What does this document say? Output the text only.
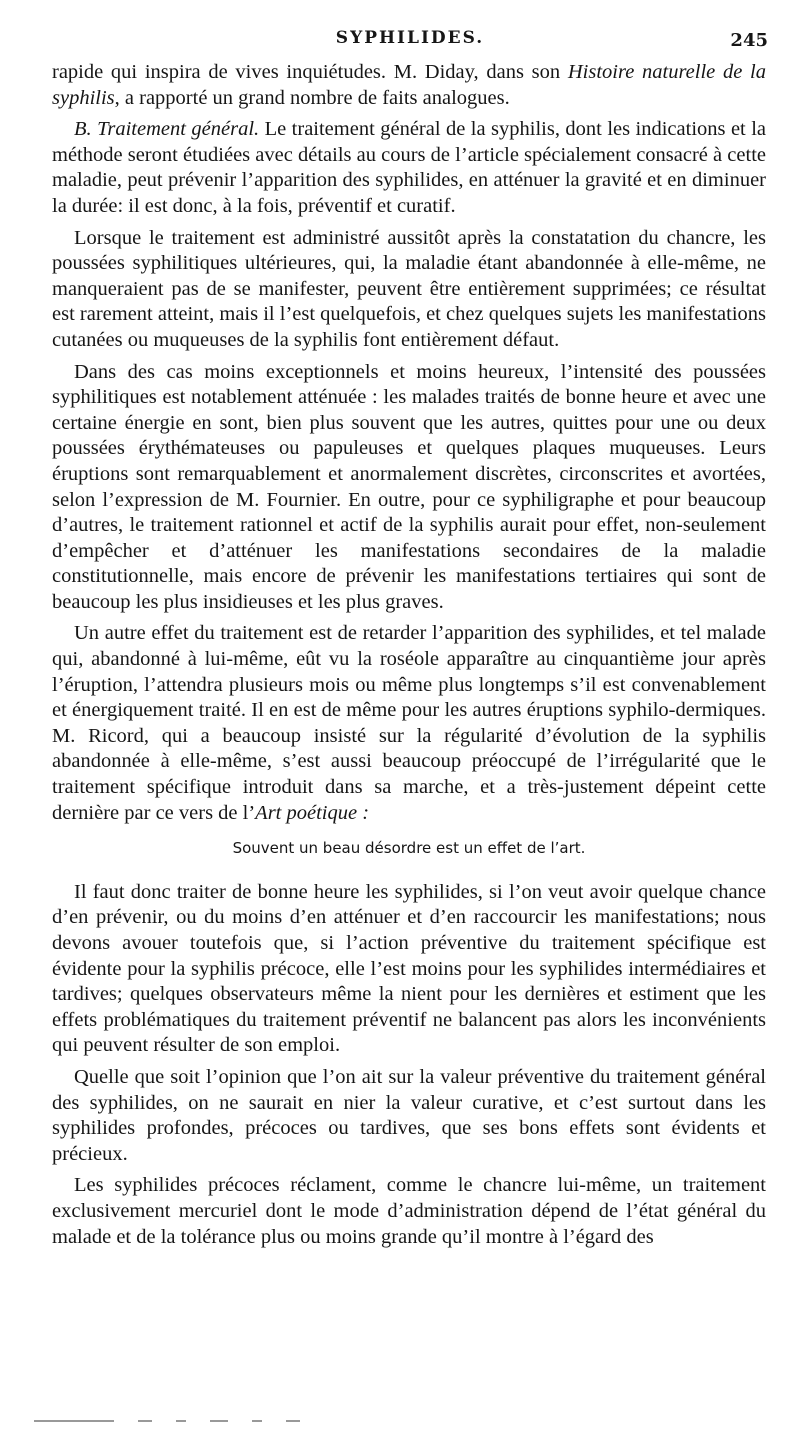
SYPHILIDES.	245

rapide qui inspira de vives inquiétudes. M. Diday, dans son Histoire naturelle de la syphilis, a rapporté un grand nombre de faits analogues.

B. Traitement général. Le traitement général de la syphilis, dont les indications et la méthode seront étudiées avec détails au cours de l’article spécialement consacré à cette maladie, peut prévenir l’apparition des syphilides, en atténuer la gravité et en diminuer la durée: il est donc, à la fois, préventif et curatif.

Lorsque le traitement est administré aussitôt après la constatation du chancre, les poussées syphilitiques ultérieures, qui, la maladie étant abandonnée à elle-même, ne manqueraient pas de se manifester, peuvent être entièrement supprimées; ce résultat est rarement atteint, mais il l’est quelquefois, et chez quelques sujets les manifestations cutanées ou muqueuses de la syphilis font entièrement défaut.

Dans des cas moins exceptionnels et moins heureux, l’intensité des poussées syphilitiques est notablement atténuée : les malades traités de bonne heure et avec une certaine énergie en sont, bien plus souvent que les autres, quittes pour une ou deux poussées érythémateuses ou papuleuses et quelques plaques muqueuses. Leurs éruptions sont remarquablement et anormalement discrètes, circonscrites et avortées, selon l’expression de M. Fournier. En outre, pour ce syphiligraphe et pour beaucoup d’autres, le traitement rationnel et actif de la syphilis aurait pour effet, non-seulement d’empêcher et d’atténuer les manifestations secondaires de la maladie constitutionnelle, mais encore de prévenir les manifestations tertiaires qui sont de beaucoup les plus insidieuses et les plus graves.

Un autre effet du traitement est de retarder l’apparition des syphilides, et tel malade qui, abandonné à lui-même, eût vu la roséole apparaître au cinquantième jour après l’éruption, l’attendra plusieurs mois ou même plus longtemps s’il est convenablement et énergiquement traité. Il en est de même pour les autres éruptions syphilo-dermiques. M. Ricord, qui a beaucoup insisté sur la régularité d’évolution de la syphilis abandonnée à elle-même, s’est aussi beaucoup préoccupé de l’irrégularité que le traitement spécifique introduit dans sa marche, et a très-justement dépeint cette dernière par ce vers de l’Art poétique :

Souvent un beau désordre est un effet de l’art.

Il faut donc traiter de bonne heure les syphilides, si l’on veut avoir quelque chance d’en prévenir, ou du moins d’en atténuer et d’en raccourcir les manifestations; nous devons avouer toutefois que, si l’action préventive du traitement spécifique est évidente pour la syphilis précoce, elle l’est moins pour les syphilides intermédiaires et tardives; quelques observateurs même la nient pour les dernières et estiment que les effets problématiques du traitement préventif ne balancent pas alors les inconvénients qui peuvent résulter de son emploi.

Quelle que soit l’opinion que l’on ait sur la valeur préventive du traitement général des syphilides, on ne saurait en nier la valeur curative, et c’est surtout dans les syphilides profondes, précoces ou tardives, que ses bons effets sont évidents et précieux.

Les syphilides précoces réclament, comme le chancre lui-même, un traitement exclusivement mercuriel dont le mode d’administration dépend de l’état général du malade et de la tolérance plus ou moins grande qu’il montre à l’égard des
